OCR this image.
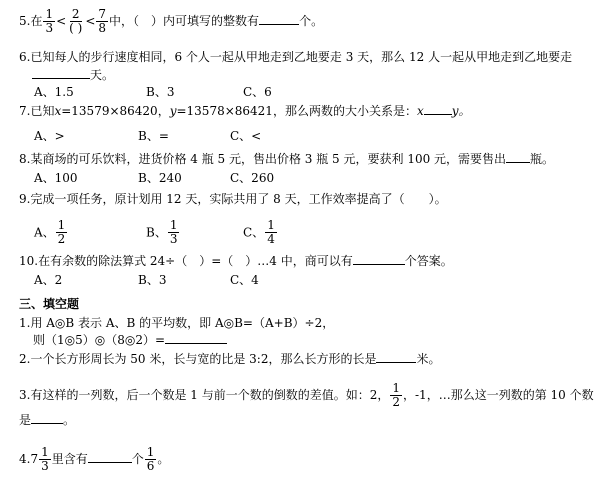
5.在 $\frac{1}{3} < \frac{2}{( )} < \frac{7}{8}$ 中，（　）内可填写的整数有	个。
6.已知每人的步行速度相同，6 个人一起从甲地走到乙地要走 3 天，那么 12 人一起从甲地走到乙地要走
天。
A、1.5	B、3	C、6
7.已知x=13579×86420，y=13578×86421，那么两数的大小关系是：x y。
A、>	B、=	C、<
8.某商场的可乐饮料，进货价格 4 瓶 5 元，售出价格 3 瓶 5 元，要获利 100 元，需要售出 瓶。
A、100	B、240	C、260
9.完成一项任务，原计划用 12 天，实际共用了 8 天，工作效率提高了（　　）。
A、 $\frac{1}{2}$	B、 $\frac{1}{3}$	C、 $\frac{1}{4}$
10.在有余数的除法算式 24÷（　）=（　）…4 中，商可以有	个答案。
A、2	B、3	C、4
三、填空题
1.用 A◎B 表示 A、B 的平均数，即 A◎B=（A+B）÷2，
则（1◎5）◎（8◎2）=
2.一个长方形周长为 50 米，长与宽的比是 3:2，那么长方形的长是	米。
3.有这样的一列数，后一个数是 1 与前一个数的倒数的差值。如：2， $\frac{1}{2}$ ，-1，…那么这一列数的第 10 个数
是	。
$4.7 \frac{1}{3}$ 里含有	个 $\frac{1}{6}$ 。
